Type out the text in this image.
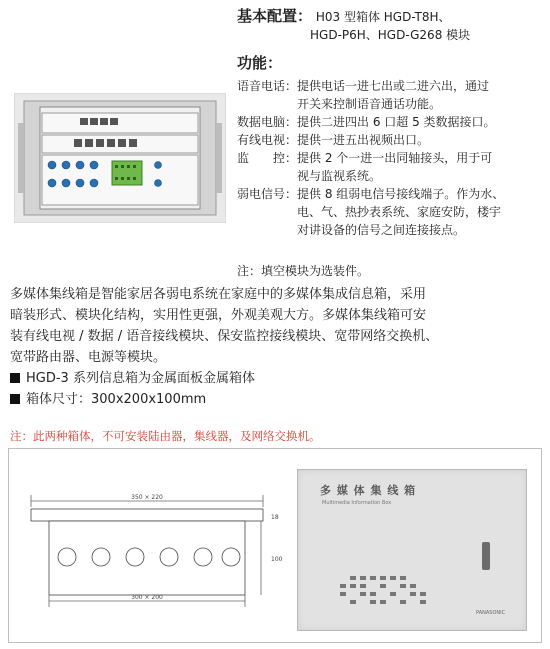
基本配置： H03 型箱体 HGD-T8H、
HGD-P6H、HGD-G268 模块
功能：
语音电话：提供电话一进七出或二进六出，通过
开关来控制语音通话功能。
数据电脑：提供二进四出 6 口超 5 类数据接口。
有线电视：提供一进五出视频出口。
监　　控：提供 2 个一进一出同轴接头，用于可
视与监视系统。
弱电信号：提供 8 组弱电信号接线端子。作为水、
电、气、热抄表系统、家庭安防，楼宇
对讲设备的信号之间连接接点。
注：填空模块为选装件。
多媒体集线箱是智能家居各弱电系统在家庭中的多媒体集成信息箱，采用
暗装形式、模块化结构，实用性更强，外观美观大方。多媒体集线箱可安
装有线电视 / 数据 / 语音接线模块、保安监控接线模块、宽带网络交换机、
宽带路由器、电源等模块。
HGD-3 系列信息箱为金属面板金属箱体
箱体尺寸：300x200x100mm
注：此两种箱体，不可安装陆由器，集线器，及网络交换机。
350 × 220
18
100
300 × 200
多 媒 体 集 线 箱
Multimedia Information Box
PANASONIC
